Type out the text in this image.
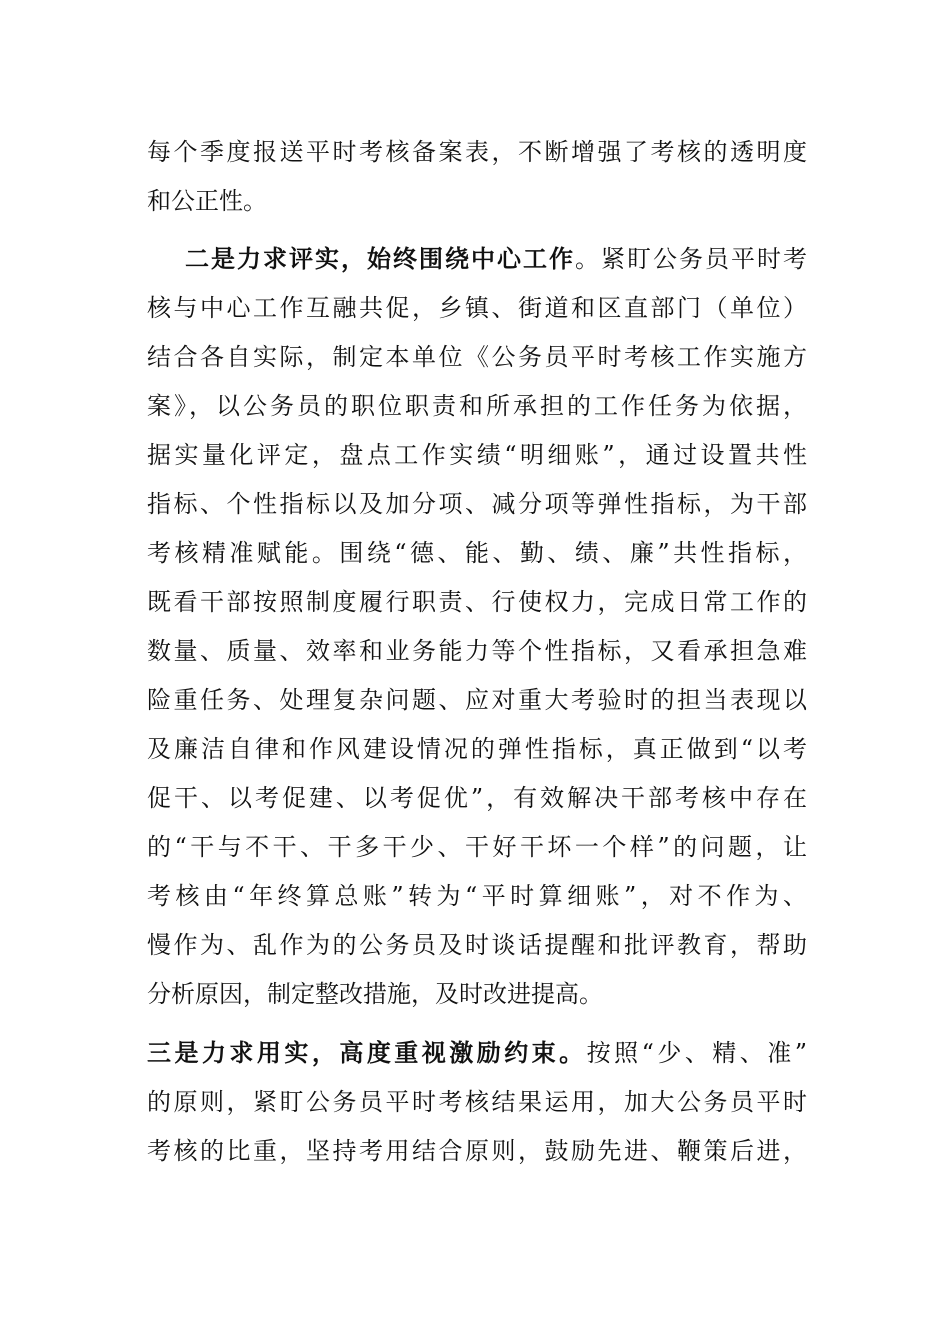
每个季度报送平时考核备案表，不断增强了考核的透明度
和公正性。
二是力求评实，始终围绕中心工作。紧盯公务员平时考
核与中心工作互融共促，乡镇、街道和区直部门（单位）
结合各自实际，制定本单位《公务员平时考核工作实施方
案》，以公务员的职位职责和所承担的工作任务为依据，
据实量化评定，盘点工作实绩“明细账”，通过设置共性
指标、个性指标以及加分项、减分项等弹性指标，为干部
考核精准赋能。围绕“德、能、勤、绩、廉”共性指标，
既看干部按照制度履行职责、行使权力，完成日常工作的
数量、质量、效率和业务能力等个性指标，又看承担急难
险重任务、处理复杂问题、应对重大考验时的担当表现以
及廉洁自律和作风建设情况的弹性指标，真正做到“以考
促干、以考促建、以考促优”，有效解决干部考核中存在
的“干与不干、干多干少、干好干坏一个样”的问题，让
考核由“年终算总账”转为“平时算细账”，对不作为、
慢作为、乱作为的公务员及时谈话提醒和批评教育，帮助
分析原因，制定整改措施，及时改进提高。
三是力求用实，高度重视激励约束。按照“少、精、准”
的原则，紧盯公务员平时考核结果运用，加大公务员平时
考核的比重，坚持考用结合原则，鼓励先进、鞭策后进，
